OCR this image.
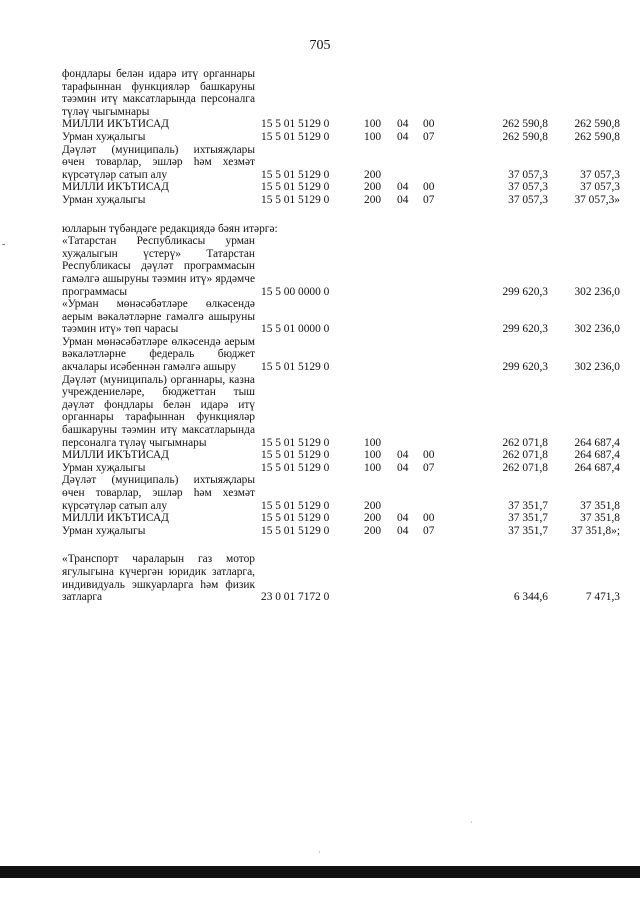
705
-
фондлары белән идарә итү органнары тарафыннан функцияләр башкаруны тәэмин итү максатларында персоналга түләү чыгымнары
МИЛЛИ ИКЪТИСАД	15 5 01 5129 0	100	04	00	262 590,8	262 590,8
Урман хуҗалыгы	15 5 01 5129 0	100	04	07	262 590,8	262 590,8
Дәүләт (муниципаль) ихтыяҗлары өчен товарлар, эшләр һәм хезмәт күрсәтүләр сатып алу	15 5 01 5129 0	200	37 057,3	37 057,3
МИЛЛИ ИКЪТИСАД	15 5 01 5129 0	200	04	00	37 057,3	37 057,3
Урман хуҗалыгы	15 5 01 5129 0	200	04	07	37 057,3	37 057,3»
юлларын түбәндәге редакциядә бәян итәргә:
«Татарстан Республикасы урман хуҗалыгын үстерү» Татарстан Республикасы дәүләт программасын гамәлгә ашыруны тәэмин итү» ярдәмче программасы	15 5 00 0000 0	299 620,3	302 236,0
«Урман мөнәсәбәтләре өлкәсендә аерым вәкаләтләрне гамәлгә ашыруны тәэмин итү» төп чарасы	15 5 01 0000 0	299 620,3	302 236,0
Урман мөнәсәбәтләре өлкәсендә аерым вәкаләтләрне федераль бюджет акчалары исәбеннән гамәлгә ашыру	15 5 01 5129 0	299 620,3	302 236,0
Дәүләт (муниципаль) органнары, казна учреждениеләре, бюджеттан тыш дәүләт фондлары белән идарә итү органнары тарафыннан функцияләр башкаруны тәэмин итү максатларында персоналга түләү чыгымнары	15 5 01 5129 0	100	262 071,8	264 687,4
МИЛЛИ ИКЪТИСАД	15 5 01 5129 0	100	04	00	262 071,8	264 687,4
Урман хуҗалыгы	15 5 01 5129 0	100	04	07	262 071,8	264 687,4
Дәүләт (муниципаль) ихтыяҗлары өчен товарлар, эшләр һәм хезмәт күрсәтүләр сатып алу	15 5 01 5129 0	200	37 351,7	37 351,8
МИЛЛИ ИКЪТИСАД	15 5 01 5129 0	200	04	00	37 351,7	37 351,8
Урман хуҗалыгы	15 5 01 5129 0	200	04	07	37 351,7	37 351,8»;
«Транспорт чараларын газ мотор ягулыгына күчергән юридик затларга, индивидуаль эшкуарларга һәм физик затларга	23 0 01 7172 0	6 344,6	7 471,3
·
·
